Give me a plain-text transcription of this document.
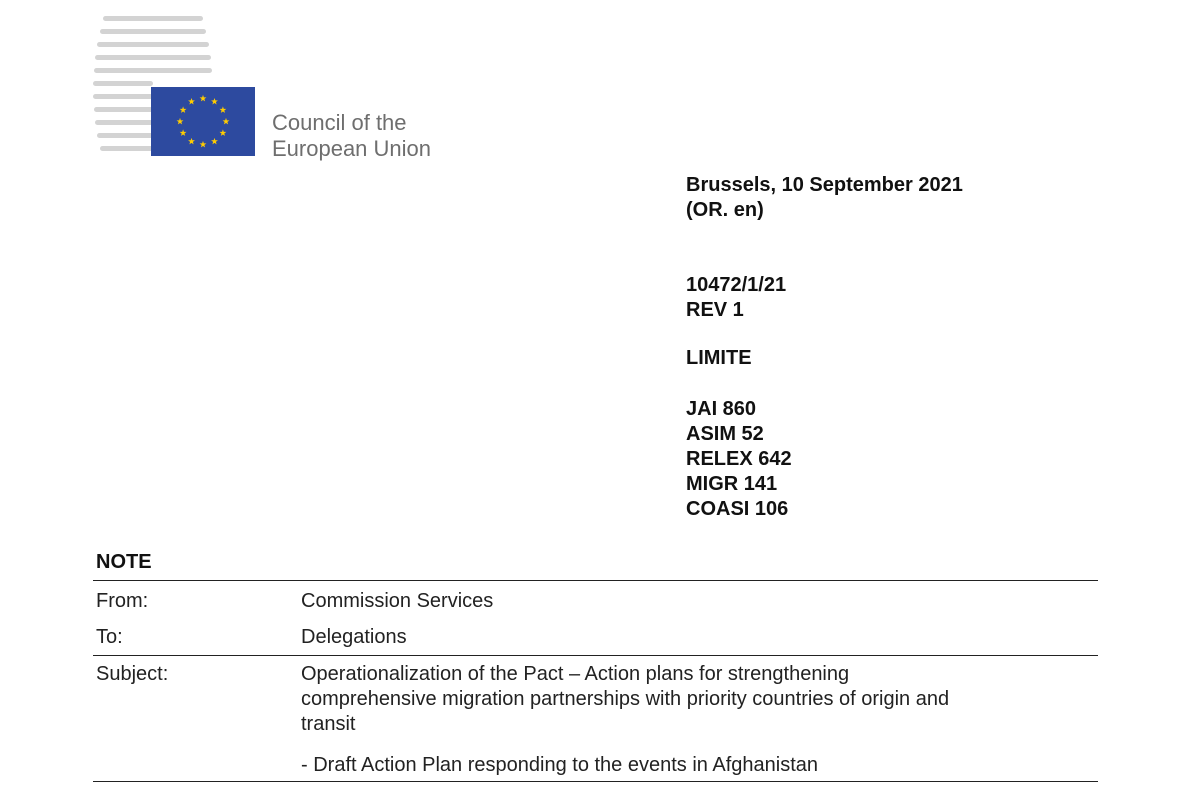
Council of the
European Union
Brussels, 10 September 2021
(OR. en)
10472/1/21
REV 1
LIMITE
JAI 860
ASIM 52
RELEX 642
MIGR 141
COASI 106
NOTE
From:	Commission Services
To:	Delegations
Subject:	Operationalization of the Pact – Action plans for strengthening
comprehensive migration partnerships with priority countries of origin and
transit
- Draft Action Plan responding to the events in Afghanistan
